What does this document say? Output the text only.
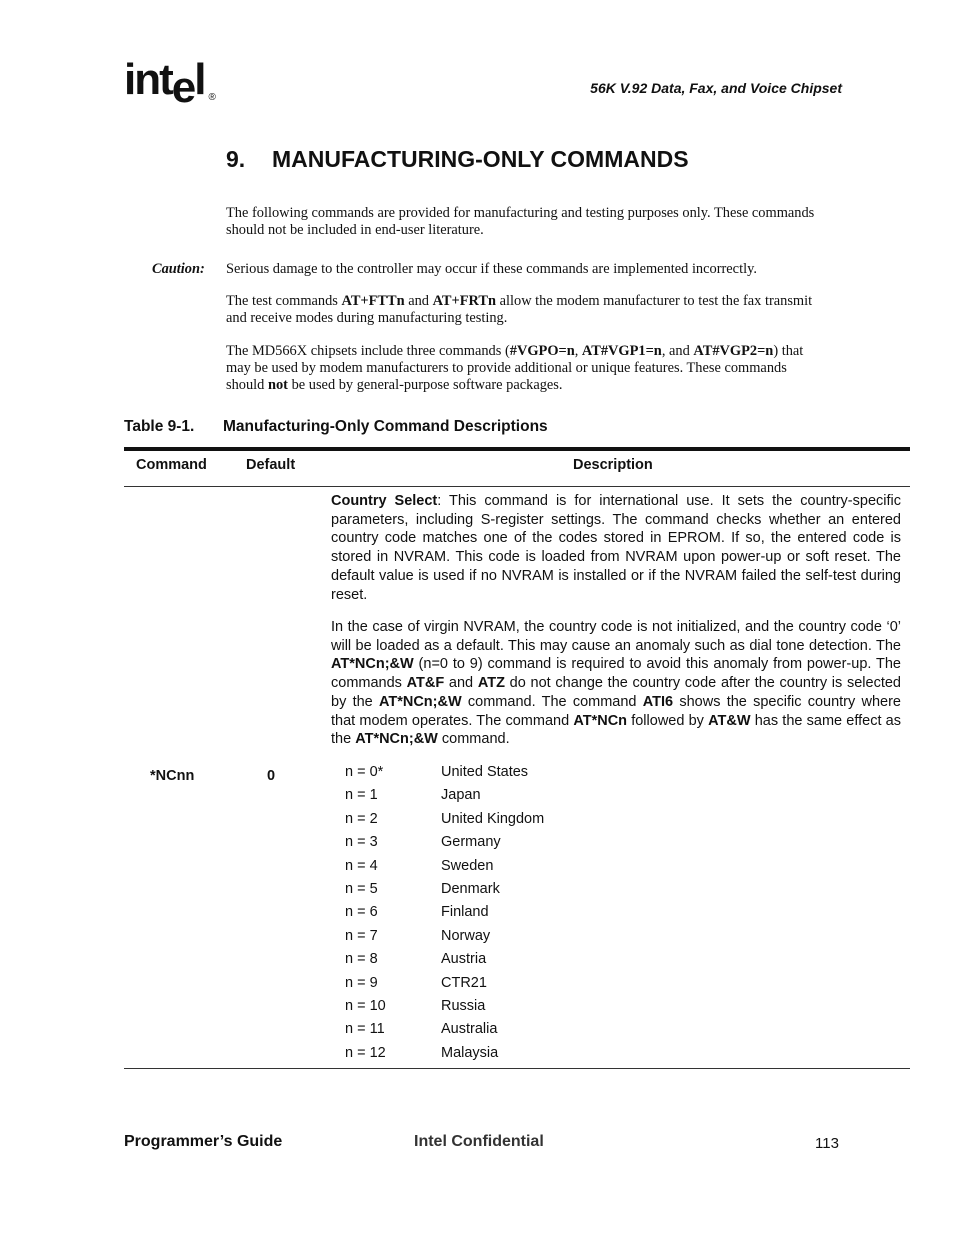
intel ®
56K V.92 Data, Fax, and Voice Chipset
9. MANUFACTURING-ONLY COMMANDS
The following commands are provided for manufacturing and testing purposes only. These commands should not be included in end-user literature.
Caution: Serious damage to the controller may occur if these commands are implemented incorrectly.
The test commands AT+FTTn and AT+FRTn allow the modem manufacturer to test the fax transmit and receive modes during manufacturing testing.
The MD566X chipsets include three commands (#VGPO=n, AT#VGP1=n, and AT#VGP2=n) that may be used by modem manufacturers to provide additional or unique features. These commands should not be used by general-purpose software packages.
Table 9-1. Manufacturing-Only Command Descriptions
Command	Default	Description
Country Select: This command is for international use. It sets the country-specific parameters, including S-register settings. The command checks whether an entered country code matches one of the codes stored in EPROM. If so, the entered code is stored in NVRAM. This code is loaded from NVRAM upon power-up or soft reset. The default value is used if no NVRAM is installed or if the NVRAM failed the self-test during reset.
In the case of virgin NVRAM, the country code is not initialized, and the country code ‘0’ will be loaded as a default. This may cause an anomaly such as dial tone detection. The AT*NCn;&W (n=0 to 9) command is required to avoid this anomaly from power-up. The commands AT&F and ATZ do not change the country code after the country is selected by the AT*NCn;&W command. The command ATI6 shows the specific country where that modem operates. The command AT*NCn followed by AT&W has the same effect as the AT*NCn;&W command.
*NCnn	0	n = 0*	United States
n = 1	Japan
n = 2	United Kingdom
n = 3	Germany
n = 4	Sweden
n = 5	Denmark
n = 6	Finland
n = 7	Norway
n = 8	Austria
n = 9	CTR21
n = 10	Russia
n = 11	Australia
n = 12	Malaysia
Programmer’s Guide	Intel Confidential	113
